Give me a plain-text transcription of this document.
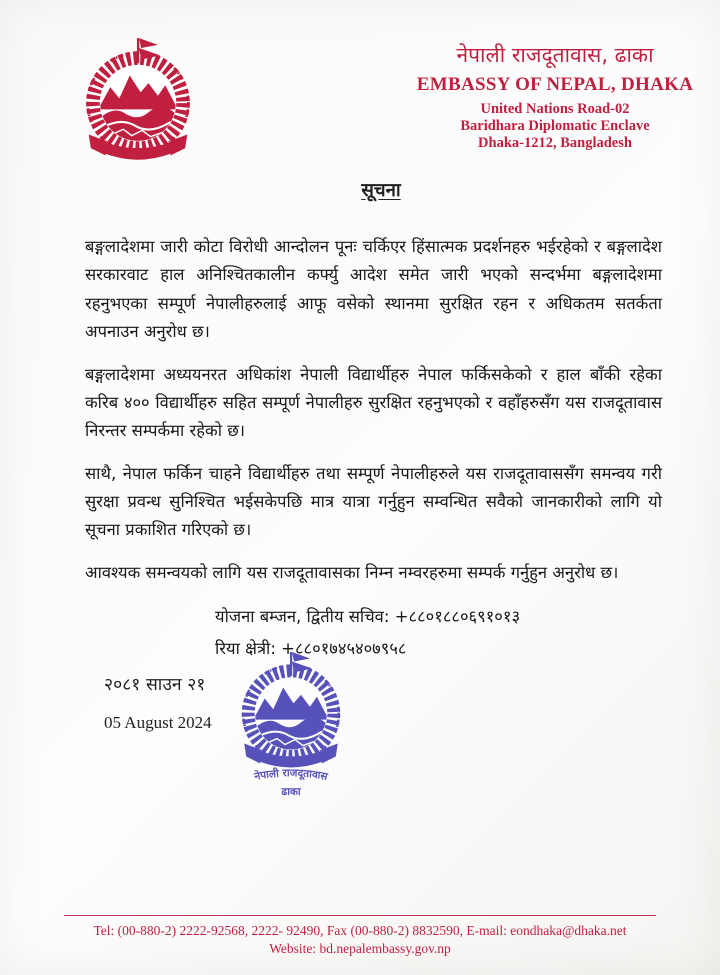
नेपाली राजदूतावास, ढाका
EMBASSY OF NEPAL, DHAKA
United Nations Road-02
Baridhara Diplomatic Enclave
Dhaka-1212, Bangladesh
सूचना

बङ्गलादेशमा जारी कोटा विरोधी आन्दोलन पूनः चर्किएर हिंसात्मक प्रदर्शनहरु भईरहेको र बङ्गलादेश सरकारवाट हाल अनिश्चितकालीन कर्फ्यु आदेश समेत जारी भएको सन्दर्भमा बङ्गलादेशमा रहनुभएका सम्पूर्ण नेपालीहरुलाई आफू वसेको स्थानमा सुरक्षित रहन र अधिकतम सतर्कता अपनाउन अनुरोध छ।

बङ्गलादेशमा अध्ययनरत अधिकांश नेपाली विद्यार्थीहरु नेपाल फर्किसकेको र हाल बाँकी रहेका करिब ४०० विद्यार्थीहरु सहित सम्पूर्ण नेपालीहरु सुरक्षित रहनुभएको र वहाँहरुसँग यस राजदूतावास निरन्तर सम्पर्कमा रहेको छ।

साथै, नेपाल फर्किन चाहने विद्यार्थीहरु तथा सम्पूर्ण नेपालीहरुले यस राजदूतावाससँग समन्वय गरी सुरक्षा प्रवन्ध सुनिश्चित भईसकेपछि मात्र यात्रा गर्नुहुन सम्वन्धित सवैको जानकारीको लागि यो सूचना प्रकाशित गरिएको छ।

आवश्यक समन्वयको लागि यस राजदूतावासका निम्न नम्वरहरुमा सम्पर्क गर्नुहुन अनुरोध छ।

योजना बम्जन, द्वितीय सचिव: +८८०१८८०६९१०१३
रिया क्षेत्री: +८८०१७४५४०७९५८
२०८१ साउन २१
05 August 2024
नेपाली राजदूतावास
ढाका
Tel: (00-880-2) 2222-92568, 2222- 92490, Fax (00-880-2) 8832590, E-mail: eondhaka@dhaka.net
Website: bd.nepalembassy.gov.np
